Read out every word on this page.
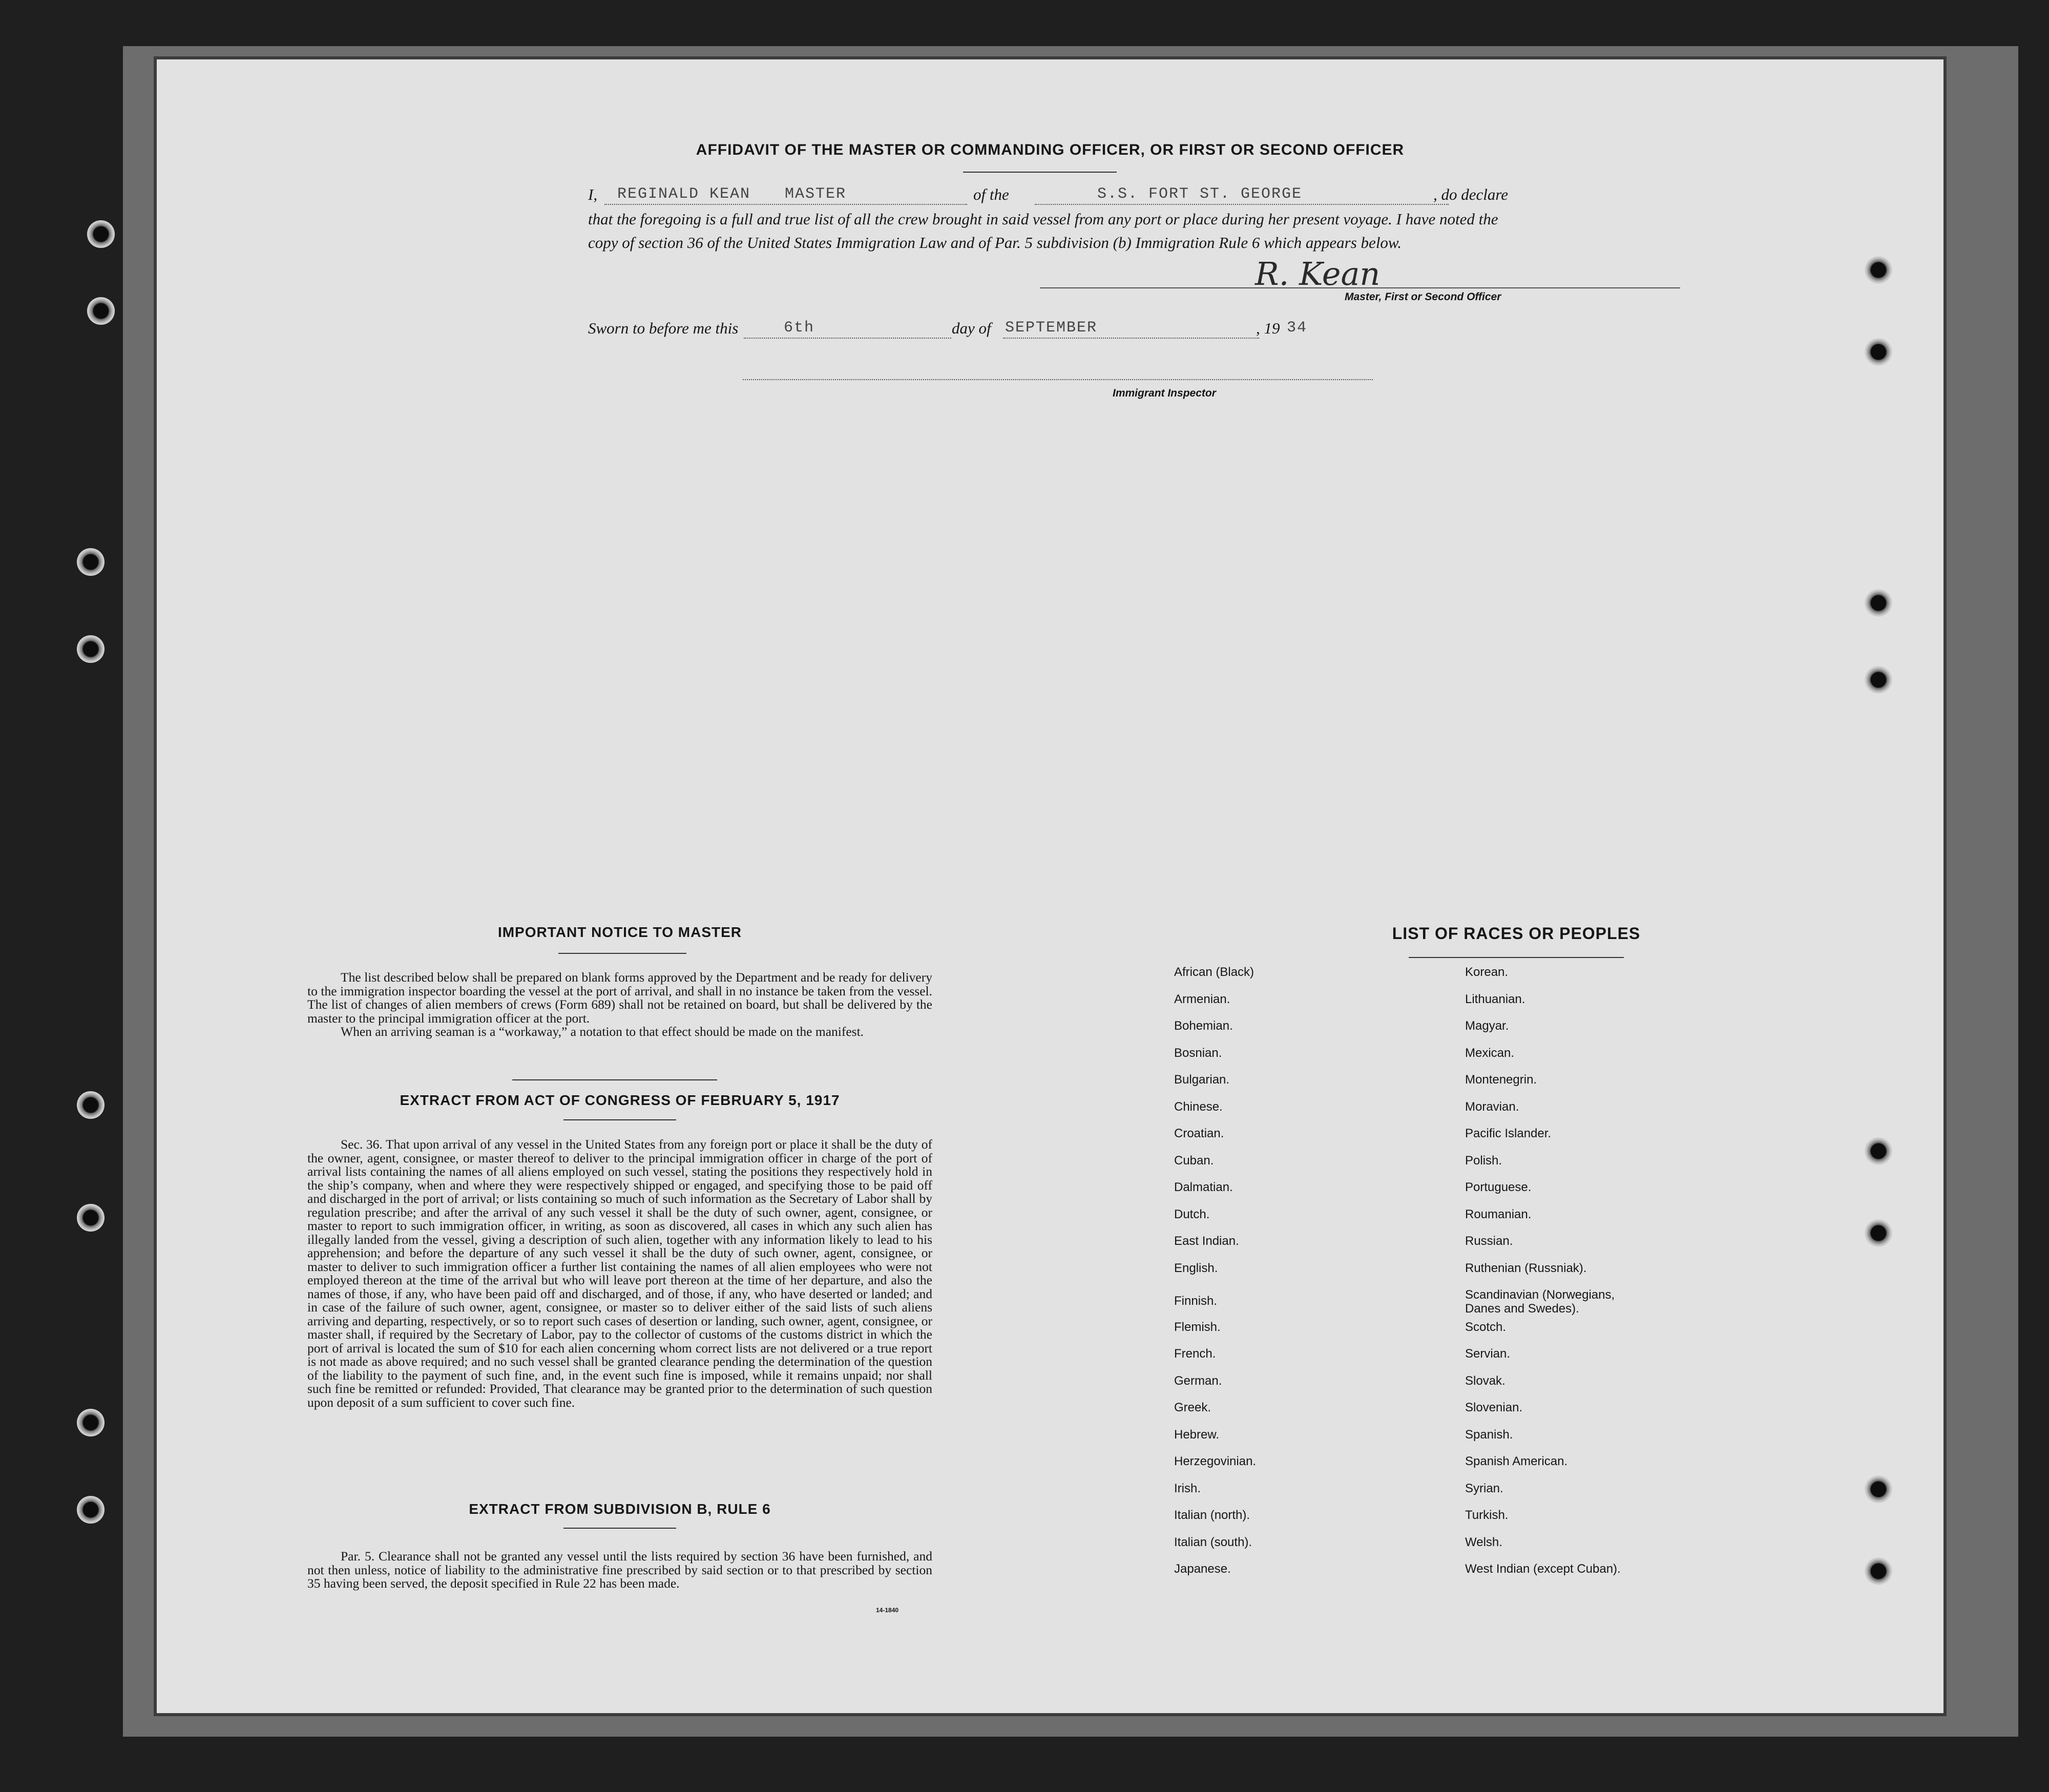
AFFIDAVIT OF THE MASTER OR COMMANDING OFFICER, OR FIRST OR SECOND OFFICER
I, REGINALD KEAN MASTER	of the	S.S. FORT ST. GEORGE	, do declare
that the foregoing is a full and true list of all the crew brought in said vessel from any port or place during her present voyage. I have noted the
copy of section 36 of the United States Immigration Law and of Par. 5 subdivision (b) Immigration Rule 6 which appears below.
R. Kean
Master, First or Second Officer
Sworn to before me this	6th	day of SEPTEMBER	, 19 34
Immigrant Inspector
IMPORTANT NOTICE TO MASTER

The list described below shall be prepared on blank forms approved by the Department and be ready for delivery to the immigration inspector boarding the vessel at the port of arrival, and shall in no instance be taken from the vessel. The list of changes of alien members of crews (Form 689) shall not be retained on board, but shall be delivered by the master to the principal immigration officer at the port.

When an arriving seaman is a “workaway,” a notation to that effect should be made on the manifest.

EXTRACT FROM ACT OF CONGRESS OF FEBRUARY 5, 1917

Sec. 36. That upon arrival of any vessel in the United States from any foreign port or place it shall be the duty of the owner, agent, consignee, or master thereof to deliver to the principal immigration officer in charge of the port of arrival lists containing the names of all aliens employed on such vessel, stating the positions they respectively hold in the ship’s company, when and where they were respectively shipped or engaged, and specifying those to be paid off and discharged in the port of arrival; or lists containing so much of such information as the Secretary of Labor shall by regulation prescribe; and after the arrival of any such vessel it shall be the duty of such owner, agent, consignee, or master to report to such immigration officer, in writing, as soon as discovered, all cases in which any such alien has illegally landed from the vessel, giving a description of such alien, together with any information likely to lead to his apprehension; and before the departure of any such vessel it shall be the duty of such owner, agent, consignee, or master to deliver to such immigration officer a further list containing the names of all alien employees who were not employed thereon at the time of the arrival but who will leave port thereon at the time of her departure, and also the names of those, if any, who have been paid off and discharged, and of those, if any, who have deserted or landed; and in case of the failure of such owner, agent, consignee, or master so to deliver either of the said lists of such aliens arriving and departing, respectively, or so to report such cases of desertion or landing, such owner, agent, consignee, or master shall, if required by the Secretary of Labor, pay to the collector of customs of the customs district in which the port of arrival is located the sum of $10 for each alien concerning whom correct lists are not delivered or a true report is not made as above required; and no such vessel shall be granted clearance pending the determination of the question of the liability to the payment of such fine, and, in the event such fine is imposed, while it remains unpaid; nor shall such fine be remitted or refunded: Provided, That clearance may be granted prior to the determination of such question upon deposit of a sum sufficient to cover such fine.

EXTRACT FROM SUBDIVISION B, RULE 6

Par. 5. Clearance shall not be granted any vessel until the lists required by section 36 have been furnished, and not then unless, notice of liability to the administrative fine prescribed by said section or to that prescribed by section 35 having been served, the deposit specified in Rule 22 has been made.

14-1840
LIST OF RACES OR PEOPLES
African (Black)
Armenian.
Bohemian.
Bosnian.
Bulgarian.
Chinese.
Croatian.
Cuban.
Dalmatian.
Dutch.
East Indian.
English.
Finnish.
Flemish.
French.
German.
Greek.
Hebrew.
Herzegovinian.
Irish.
Italian (north).
Italian (south).
Japanese.
Korean.
Lithuanian.
Magyar.
Mexican.
Montenegrin.
Moravian.
Pacific Islander.
Polish.
Portuguese.
Roumanian.
Russian.
Ruthenian (Russniak).
Scandinavian (Norwegians,
Danes and Swedes).
Scotch.
Servian.
Slovak.
Slovenian.
Spanish.
Spanish American.
Syrian.
Turkish.
Welsh.
West Indian (except Cuban).
